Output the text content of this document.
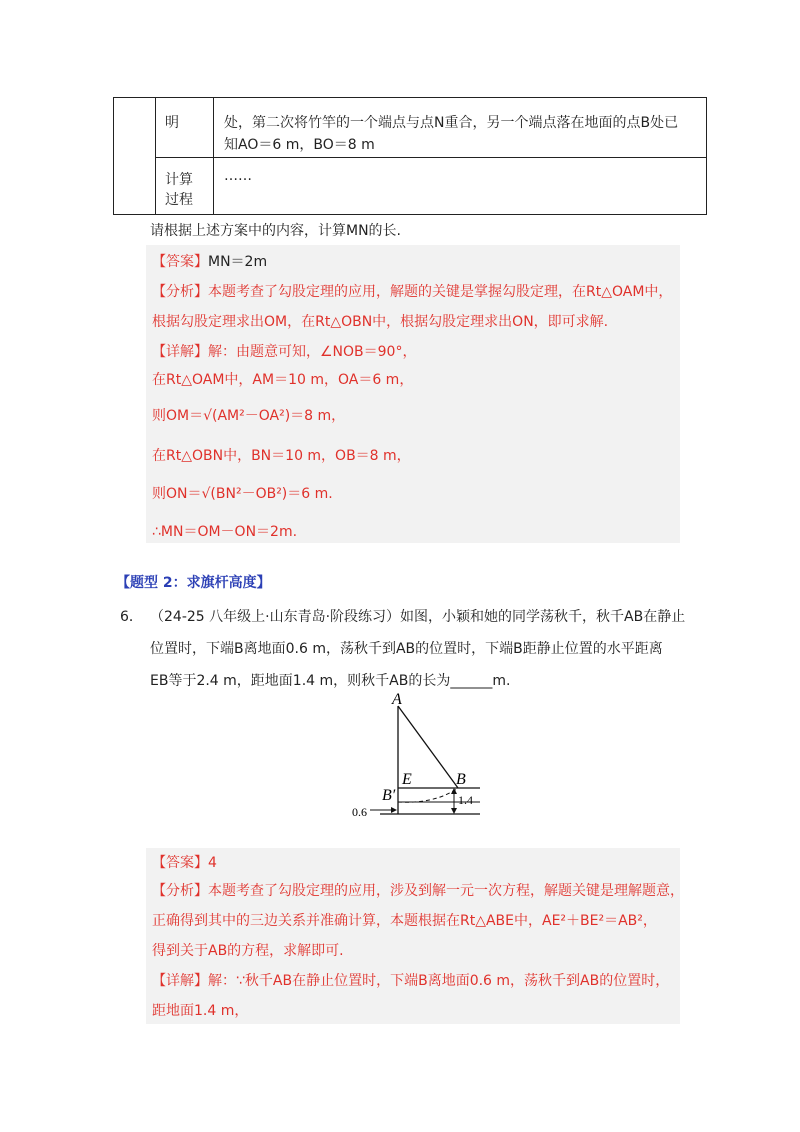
	明	处，第二次将竹竿的一个端点与点N重合，另一个端点落在地面的点B处已
知AO＝6 m，BO＝8 m

	计算
过程	……
请根据上述方案中的内容，计算MN的长.
【答案】MN＝2m
【分析】本题考查了勾股定理的应用，解题的关键是掌握勾股定理，在Rt△OAM中，
根据勾股定理求出OM，在Rt△OBN中，根据勾股定理求出ON，即可求解.
【详解】解：由题意可知，∠NOB＝90°，
在Rt△OAM中，AM＝10 m，OA＝6 m，
则OM＝√(AM²－OA²)＝8 m，
在Rt△OBN中，BN＝10 m，OB＝8 m，
则ON＝√(BN²－OB²)＝6 m.
∴MN＝OM－ON＝2m.
【题型 2：求旗杆高度】
6． （24-25 八年级上·山东青岛·阶段练习）如图，小颖和她的同学荡秋千，秋千AB在静止
位置时，下端B离地面0.6 m，荡秋千到AB的位置时，下端B距静止位置的水平距离
EB等于2.4 m，距地面1.4 m，则秋千AB的长为______m.
A
E	B
B′	1.4
0.6
【答案】4
【分析】本题考查了勾股定理的应用，涉及到解一元一次方程，解题关键是理解题意，
正确得到其中的三边关系并准确计算，本题根据在Rt△ABE中，AE²＋BE²＝AB²，
得到关于AB的方程，求解即可.
【详解】解：∵秋千AB在静止位置时，下端B离地面0.6 m，荡秋千到AB的位置时，
距地面1.4 m，
